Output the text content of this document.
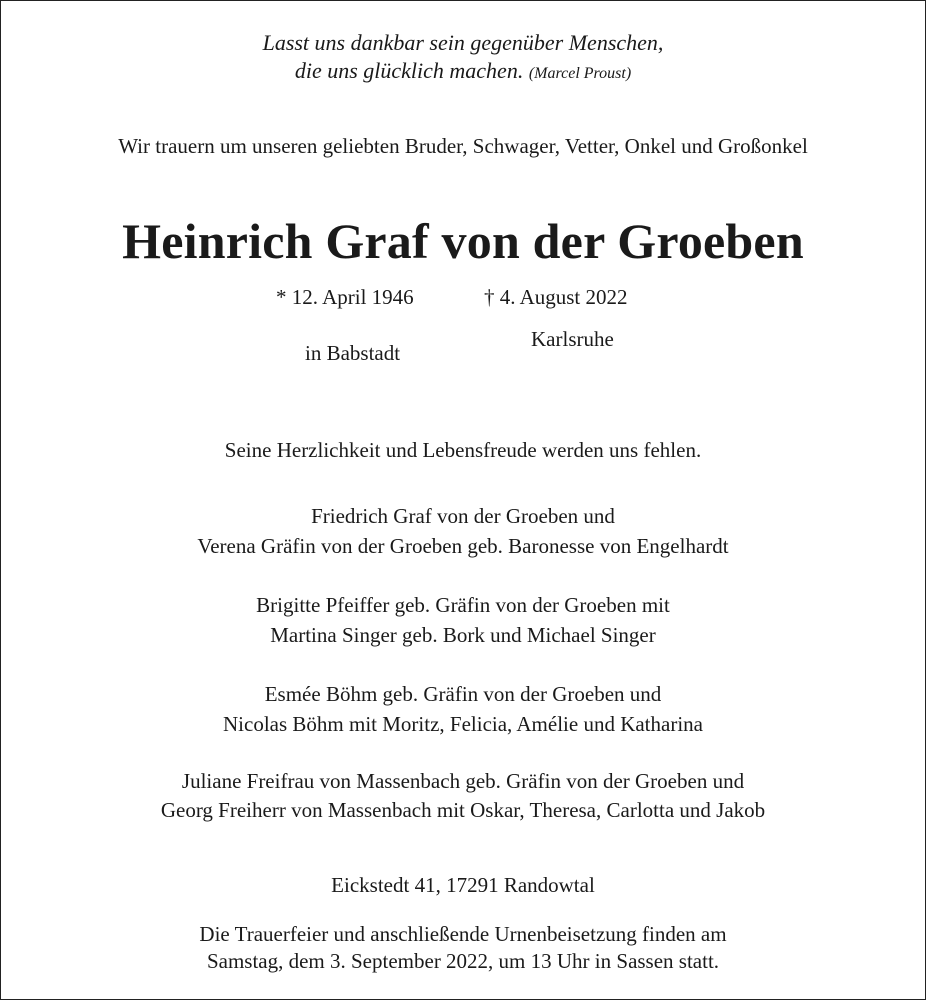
Lasst uns dankbar sein gegenüber Menschen,
die uns glücklich machen. (Marcel Proust)
Wir trauern um unseren geliebten Bruder, Schwager, Vetter, Onkel und Großonkel
Heinrich Graf von der Groeben
* 12. April 1946	† 4. August 2022
in Babstadt
Karlsruhe
Seine Herzlichkeit und Lebensfreude werden uns fehlen.
Friedrich Graf von der Groeben und
Verena Gräfin von der Groeben geb. Baronesse von Engelhardt
Brigitte Pfeiffer geb. Gräfin von der Groeben mit
Martina Singer geb. Bork und Michael Singer
Esmée Böhm geb. Gräfin von der Groeben und
Nicolas Böhm mit Moritz, Felicia, Amélie und Katharina
Juliane Freifrau von Massenbach geb. Gräfin von der Groeben und
Georg Freiherr von Massenbach mit Oskar, Theresa, Carlotta und Jakob
Eickstedt 41, 17291 Randowtal
Die Trauerfeier und anschließende Urnenbeisetzung finden am
Samstag, dem 3. September 2022, um 13 Uhr in Sassen statt.
